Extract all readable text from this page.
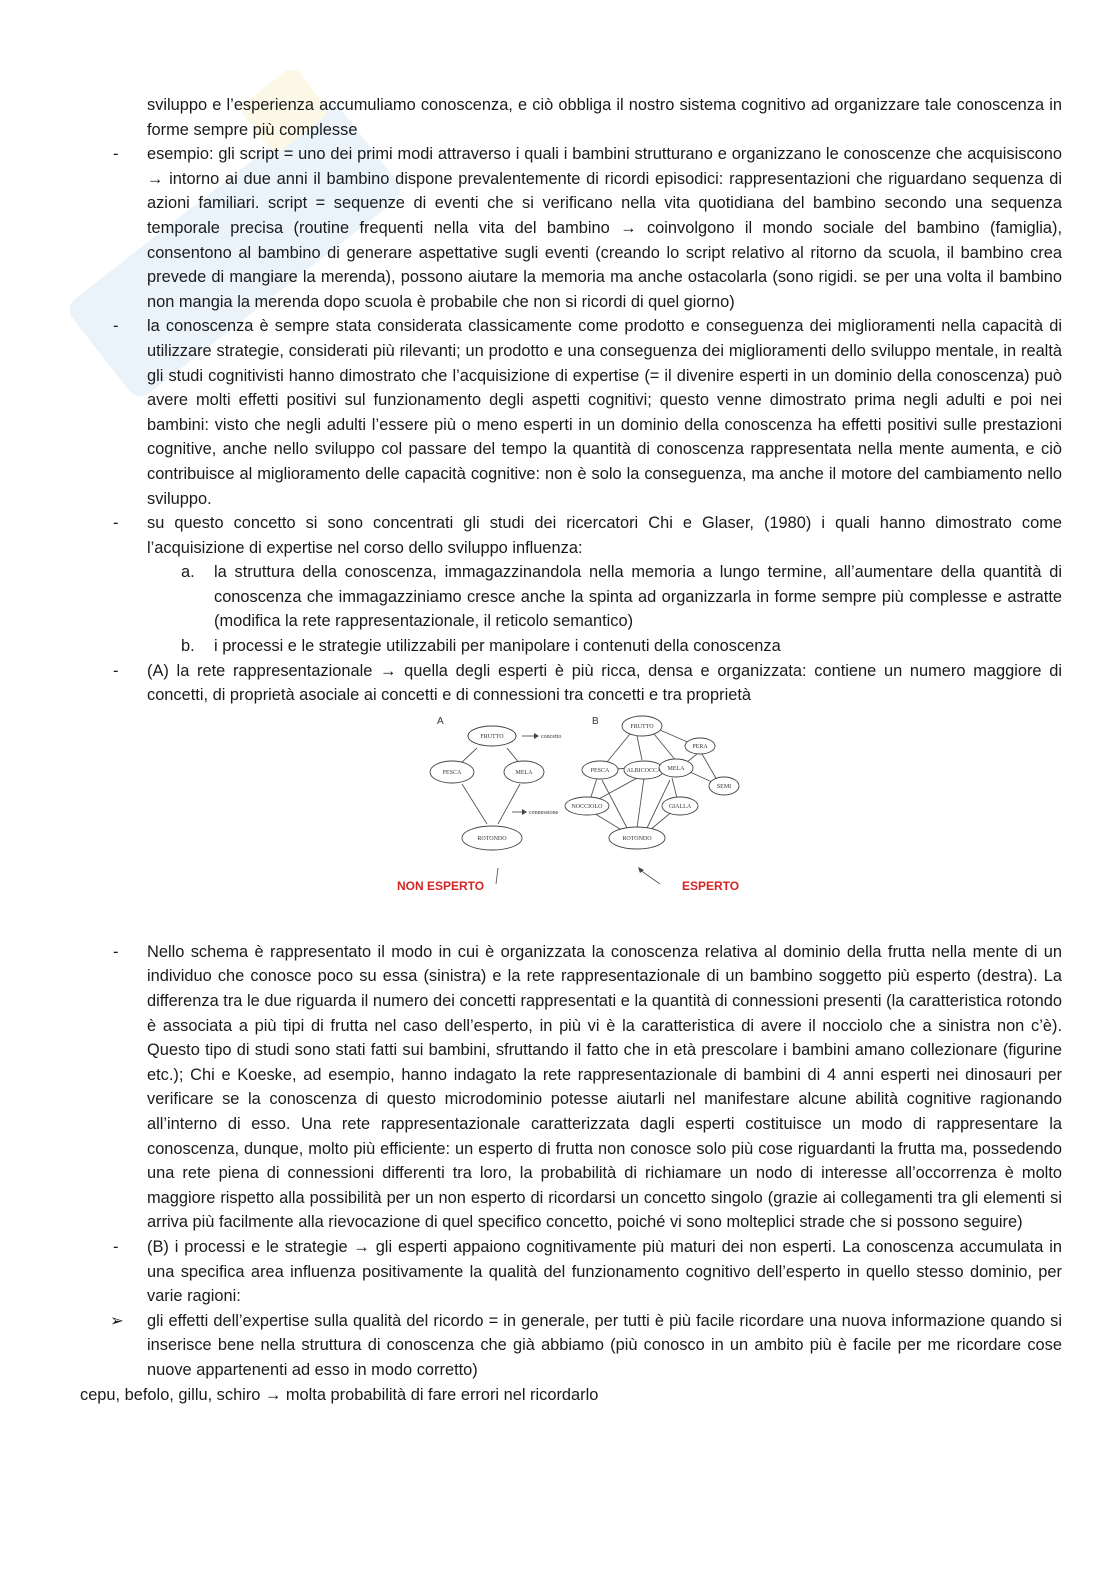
sviluppo e l’esperienza accumuliamo conoscenza, e ciò obbliga il nostro sistema cognitivo ad organizzare tale conoscenza in forme sempre più complesse

- esempio: gli script = uno dei primi modi attraverso i quali i bambini strutturano e organizzano le conoscenze che acquisiscono → intorno ai due anni il bambino dispone prevalentemente di ricordi episodici: rappresentazioni che riguardano sequenza di azioni familiari. script = sequenze di eventi che si verificano nella vita quotidiana del bambino secondo una sequenza temporale precisa (routine frequenti nella vita del bambino → coinvolgono il mondo sociale del bambino (famiglia), consentono al bambino di generare aspettative sugli eventi (creando lo script relativo al ritorno da scuola, il bambino crea prevede di mangiare la merenda), possono aiutare la memoria ma anche ostacolarla (sono rigidi. se per una volta il bambino non mangia la merenda dopo scuola è probabile che non si ricordi di quel giorno)
- la conoscenza è sempre stata considerata classicamente come prodotto e conseguenza dei miglioramenti nella capacità di utilizzare strategie, considerati più rilevanti; un prodotto e una conseguenza dei miglioramenti dello sviluppo mentale, in realtà gli studi cognitivisti hanno dimostrato che l’acquisizione di expertise (= il divenire esperti in un dominio della conoscenza) può avere molti effetti positivi sul funzionamento degli aspetti cognitivi; questo venne dimostrato prima negli adulti e poi nei bambini: visto che negli adulti l’essere più o meno esperti in un dominio della conoscenza ha effetti positivi sulle prestazioni cognitive, anche nello sviluppo col passare del tempo la quantità di conoscenza rappresentata nella mente aumenta, e ciò contribuisce al miglioramento delle capacità cognitive: non è solo la conseguenza, ma anche il motore del cambiamento nello sviluppo.
- su questo concetto si sono concentrati gli studi dei ricercatori Chi e Glaser, (1980) i quali hanno dimostrato come l’acquisizione di expertise nel corso dello sviluppo influenza:
a. la struttura della conoscenza, immagazzinandola nella memoria a lungo termine, all’aumentare della quantità di conoscenza che immagazziniamo cresce anche la spinta ad organizzarla in forme sempre più complesse e astratte (modifica la rete rappresentazionale, il reticolo semantico)
b. i processi e le strategie utilizzabili per manipolare i contenuti della conoscenza
- (A) la rete rappresentazionale → quella degli esperti è più ricca, densa e organizzata: contiene un numero maggiore di concetti, di proprietà asociale ai concetti e di connessioni tra concetti e tra proprietà
A
FRUTTO
PESCA	MELA
ROTONDO
concetto
connessione
B	FRUTTO
PERA
PESCA	ALBICOCCA MELA
SEMI
NOCCIOLO	GIALLA
ROTONDO
NON ESPERTO	ESPERTO
- Nello schema è rappresentato il modo in cui è organizzata la conoscenza relativa al dominio della frutta nella mente di un individuo che conosce poco su essa (sinistra) e la rete rappresentazionale di un bambino soggetto più esperto (destra). La differenza tra le due riguarda il numero dei concetti rappresentati e la quantità di connessioni presenti (la caratteristica rotondo è associata a più tipi di frutta nel caso dell’esperto, in più vi è la caratteristica di avere il nocciolo che a sinistra non c’è). Questo tipo di studi sono stati fatti sui bambini, sfruttando il fatto che in età prescolare i bambini amano collezionare (figurine etc.); Chi e Koeske, ad esempio, hanno indagato la rete rappresentazionale di bambini di 4 anni esperti nei dinosauri per verificare se la conoscenza di questo microdominio potesse aiutarli nel manifestare alcune abilità cognitive ragionando all’interno di esso. Una rete rappresentazionale caratterizzata dagli esperti costituisce un modo di rappresentare la conoscenza, dunque, molto più efficiente: un esperto di frutta non conosce solo più cose riguardanti la frutta ma, possedendo una rete piena di connessioni differenti tra loro, la probabilità di richiamare un nodo di interesse all’occorrenza è molto maggiore rispetto alla possibilità per un non esperto di ricordarsi un concetto singolo (grazie ai collegamenti tra gli elementi si arriva più facilmente alla rievocazione di quel specifico concetto, poiché vi sono molteplici strade che si possono seguire)
- (B) i processi e le strategie → gli esperti appaiono cognitivamente più maturi dei non esperti. La conoscenza accumulata in una specifica area influenza positivamente la qualità del funzionamento cognitivo dell’esperto in quello stesso dominio, per varie ragioni:
➢ gli effetti dell’expertise sulla qualità del ricordo = in generale, per tutti è più facile ricordare una nuova informazione quando si inserisce bene nella struttura di conoscenza che già abbiamo (più conosco in un ambito più è facile per me ricordare cose nuove appartenenti ad esso in modo corretto)

cepu, befolo, gillu, schiro → molta probabilità di fare errori nel ricordarlo
